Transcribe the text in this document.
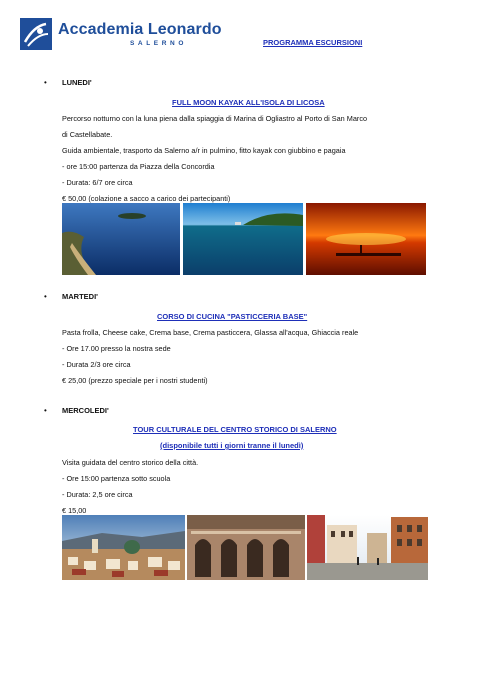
Accademia Leonardo
SALERNO	PROGRAMMA ESCURSIONI
• LUNEDI'
FULL MOON KAYAK ALL'ISOLA DI LICOSA
Percorso notturno con la luna piena dalla spiaggia di Marina di Ogliastro al Porto di San Marco
di Castellabate.
Guida ambientale, trasporto da Salerno a/r in pulmino, fitto kayak con giubbino e pagaia
- ore 15:00 partenza da Piazza della Concordia
- Durata: 6/7 ore circa
€ 50,00 (colazione a sacco a carico dei partecipanti)
• MARTEDI'
CORSO DI CUCINA "PASTICCERIA BASE"
Pasta frolla, Cheese cake, Crema base, Crema pasticcera, Glassa all'acqua, Ghiaccia reale
- Ore 17.00 presso la nostra sede
- Durata 2/3 ore circa
€ 25,00 (prezzo speciale per i nostri studenti)
• MERCOLEDI'
TOUR CULTURALE DEL CENTRO STORICO DI SALERNO
(disponibile tutti i giorni tranne il lunedì)
Visita guidata del centro storico della città.
- Ore 15:00 partenza sotto scuola
- Durata: 2,5 ore circa
€ 15,00
